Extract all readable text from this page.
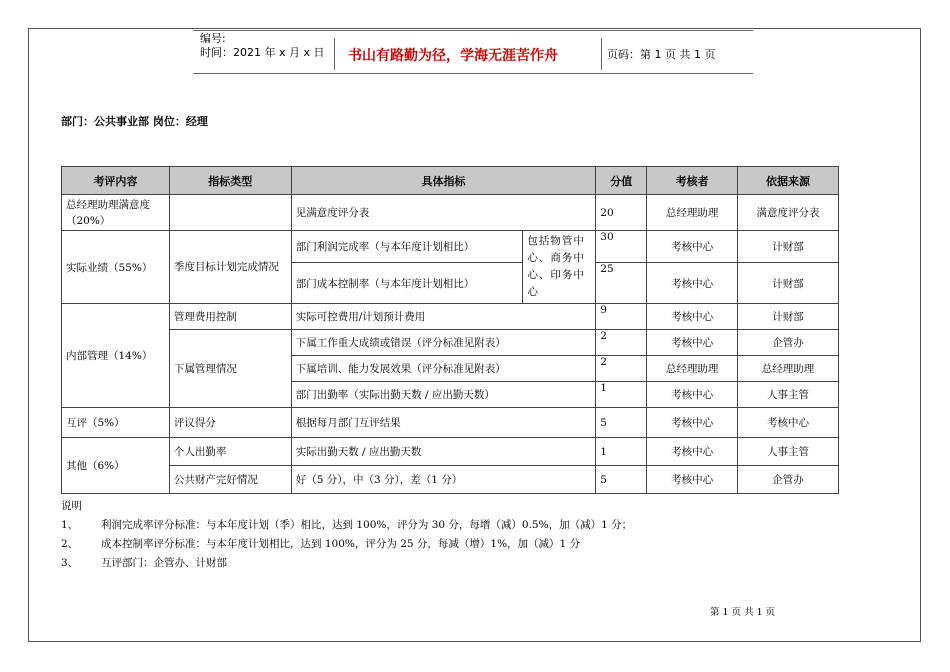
编号:
时间：2021 年 x 月 x 日 书山有路勤为径，学海无涯苦作舟	页码：第 1 页 共 1 页
部门：公共事业部 岗位：经理
考评内容	指标类型	具体指标		分值	考核者	依据来源
总经理助理满意度（20%）		见满意度评分表		20	总经理助理	满意度评分表
实际业绩（55%）	季度目标计划完成情况	部门利润完成率（与本年度计划相比）	包括物管中心、商务中心、印务中心	30	考核中心	计财部
		部门成本控制率（与本年度计划相比）		25	考核中心	计财部
内部管理（14%）	管理费用控制	实际可控费用/计划预计费用		9	考核中心	计财部
	下属管理情况	下属工作重大成绩或错误（评分标准见附表）		2	考核中心	企管办
		下属培训、能力发展效果（评分标准见附表）		2	总经理助理	总经理助理
		部门出勤率（实际出勤天数 / 应出勤天数）		1	考核中心	人事主管
互评（5%）	评议得分	根据每月部门互评结果		5	考核中心	考核中心
其他（6%）	个人出勤率	实际出勤天数 / 应出勤天数		1	考核中心	人事主管
	公共财产完好情况	好（5 分），中（3 分），差（1 分）		5	考核中心	企管办
说明
1、 利润完成率评分标准：与本年度计划（季）相比，达到 100%，评分为 30 分，每增（减）0.5%，加（减）1 分；
2、 成本控制率评分标准：与本年度计划相比，达到 100%，评分为 25 分，每减（增）1%，加（减）1 分
3、 互评部门：企管办、计财部
第 1 页 共 1 页
